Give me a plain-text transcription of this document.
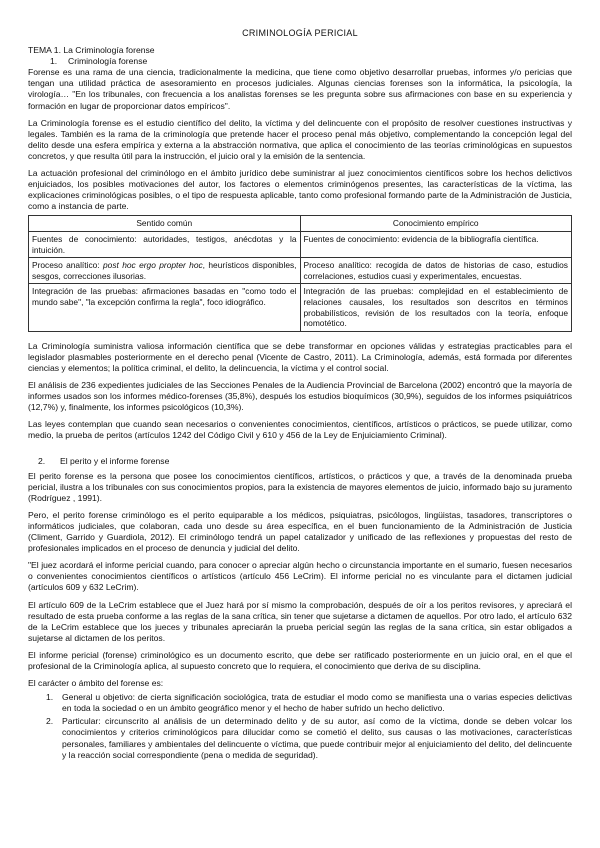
CRIMINOLOGÍA PERICIAL
TEMA 1. La Criminología forense
1. Criminología forense

Forense es una rama de una ciencia, tradicionalmente la medicina, que tiene como objetivo desarrollar pruebas, informes y/o pericias que tengan una utilidad práctica de asesoramiento en procesos judiciales. Algunas ciencias forenses son la informática, la psicología, la virología… "En los tribunales, con frecuencia a los analistas forenses se les pregunta sobre sus afirmaciones con base en su experiencia y formación en lugar de proporcionar datos empíricos".

La Criminología forense es el estudio científico del delito, la víctima y del delincuente con el propósito de resolver cuestiones instructivas y legales. También es la rama de la criminología que pretende hacer el proceso penal más objetivo, complementando la concepción legal del delito desde una esfera empírica y externa a la abstracción normativa, que aplica el conocimiento de las teorías criminológicas en supuestos concretos, y que resulta útil para la instrucción, el juicio oral y la emisión de la sentencia.

La actuación profesional del criminólogo en el ámbito jurídico debe suministrar al juez conocimientos científicos sobre los hechos delictivos enjuiciados, los posibles motivaciones del autor, los factores o elementos criminógenos presentes, las características de la víctima, las explicaciones criminológicas posibles, o el tipo de respuesta aplicable, tanto como profesional formando parte de la Administración de Justicia, como a instancia de parte.

Sentido común	Conocimiento empírico
Fuentes de conocimiento: autoridades, testigos, anécdotas y la intuición.	Fuentes de conocimiento: evidencia de la bibliografía científica.
Proceso analítico: post hoc ergo propter hoc, heurísticos disponibles, sesgos, correcciones ilusorias.	Proceso analítico: recogida de datos de historias de caso, estudios correlaciones, estudios cuasi y experimentales, encuestas.
Integración de las pruebas: afirmaciones basadas en "como todo el mundo sabe", "la excepción confirma la regla", foco idiográfico.	Integración de las pruebas: complejidad en el establecimiento de relaciones causales, los resultados son descritos en términos probabilísticos, revisión de los resultados con la teoría, enfoque nomotético.

La Criminología suministra valiosa información científica que se debe transformar en opciones válidas y estrategias practicables para el legislador plasmables posteriormente en el derecho penal (Vicente de Castro, 2011). La Criminología, además, está formada por diferentes ciencias y elementos; la política criminal, el delito, la delincuencia, la víctima y el control social.

El análisis de 236 expedientes judiciales de las Secciones Penales de la Audiencia Provincial de Barcelona (2002) encontró que la mayoría de informes usados son los informes médico-forenses (35,8%), después los estudios bioquímicos (30,9%), seguidos de los informes psiquiátricos (12,7%) y, finalmente, los informes psicológicos (10,3%).

Las leyes contemplan que cuando sean necesarios o convenientes conocimientos, científicos, artísticos o prácticos, se puede utilizar, como medio, la prueba de peritos (artículos 1242 del Código Civil y 610 y 456 de la Ley de Enjuiciamiento Criminal).

2. El perito y el informe forense

El perito forense es la persona que posee los conocimientos científicos, artísticos, o prácticos y que, a través de la denominada prueba pericial, ilustra a los tribunales con sus conocimientos propios, para la existencia de mayores elementos de juicio, informado bajo su juramento (Rodríguez , 1991).

Pero, el perito forense criminólogo es el perito equiparable a los médicos, psiquiatras, psicólogos, lingüistas, tasadores, transcriptores o informáticos judiciales, que colaboran, cada uno desde su área específica, en el buen funcionamiento de la Administración de Justicia (Climent, Garrido y Guardiola, 2012). El criminólogo tendrá un papel catalizador y unificado de las reflexiones y propuestas del resto de profesionales implicados en el proceso de denuncia y judicial del delito.

"El juez acordará el informe pericial cuando, para conocer o apreciar algún hecho o circunstancia importante en el sumario, fuesen necesarios o convenientes conocimientos científicos o artísticos (artículo 456 LeCrim). El informe pericial no es vinculante para el dictamen judicial (artículos 609 y 632 LeCrim).

El artículo 609 de la LeCrim establece que el Juez hará por sí mismo la comprobación, después de oír a los peritos revisores, y apreciará el resultado de esta prueba conforme a las reglas de la sana crítica, sin tener que sujetarse a dictamen de aquellos. Por otro lado, el artículo 632 de la LeCrim establece que los jueces y tribunales apreciarán la prueba pericial según las reglas de la sana crítica, sin estar obligados a sujetarse al dictamen de los peritos.

El informe pericial (forense) criminológico es un documento escrito, que debe ser ratificado posteriormente en un juicio oral, en el que el profesional de la Criminología aplica, al supuesto concreto que lo requiera, el conocimiento que deriva de su disciplina.

El carácter o ámbito del forense es:

1. General u objetivo: de cierta significación sociológica, trata de estudiar el modo como se manifiesta una o varias especies delictivas en toda la sociedad o en un ámbito geográfico menor y el hecho de haber sufrido un hecho delictivo.
2. Particular: circunscrito al análisis de un determinado delito y de su autor, así como de la víctima, donde se deben volcar los conocimientos y criterios criminológicos para dilucidar como se cometió el delito, sus causas o las motivaciones, características personales, familiares y ambientales del delincuente o víctima, que puede contribuir mejor al enjuiciamiento del delito, del delincuente y la reacción social correspondiente (pena o medida de seguridad).
